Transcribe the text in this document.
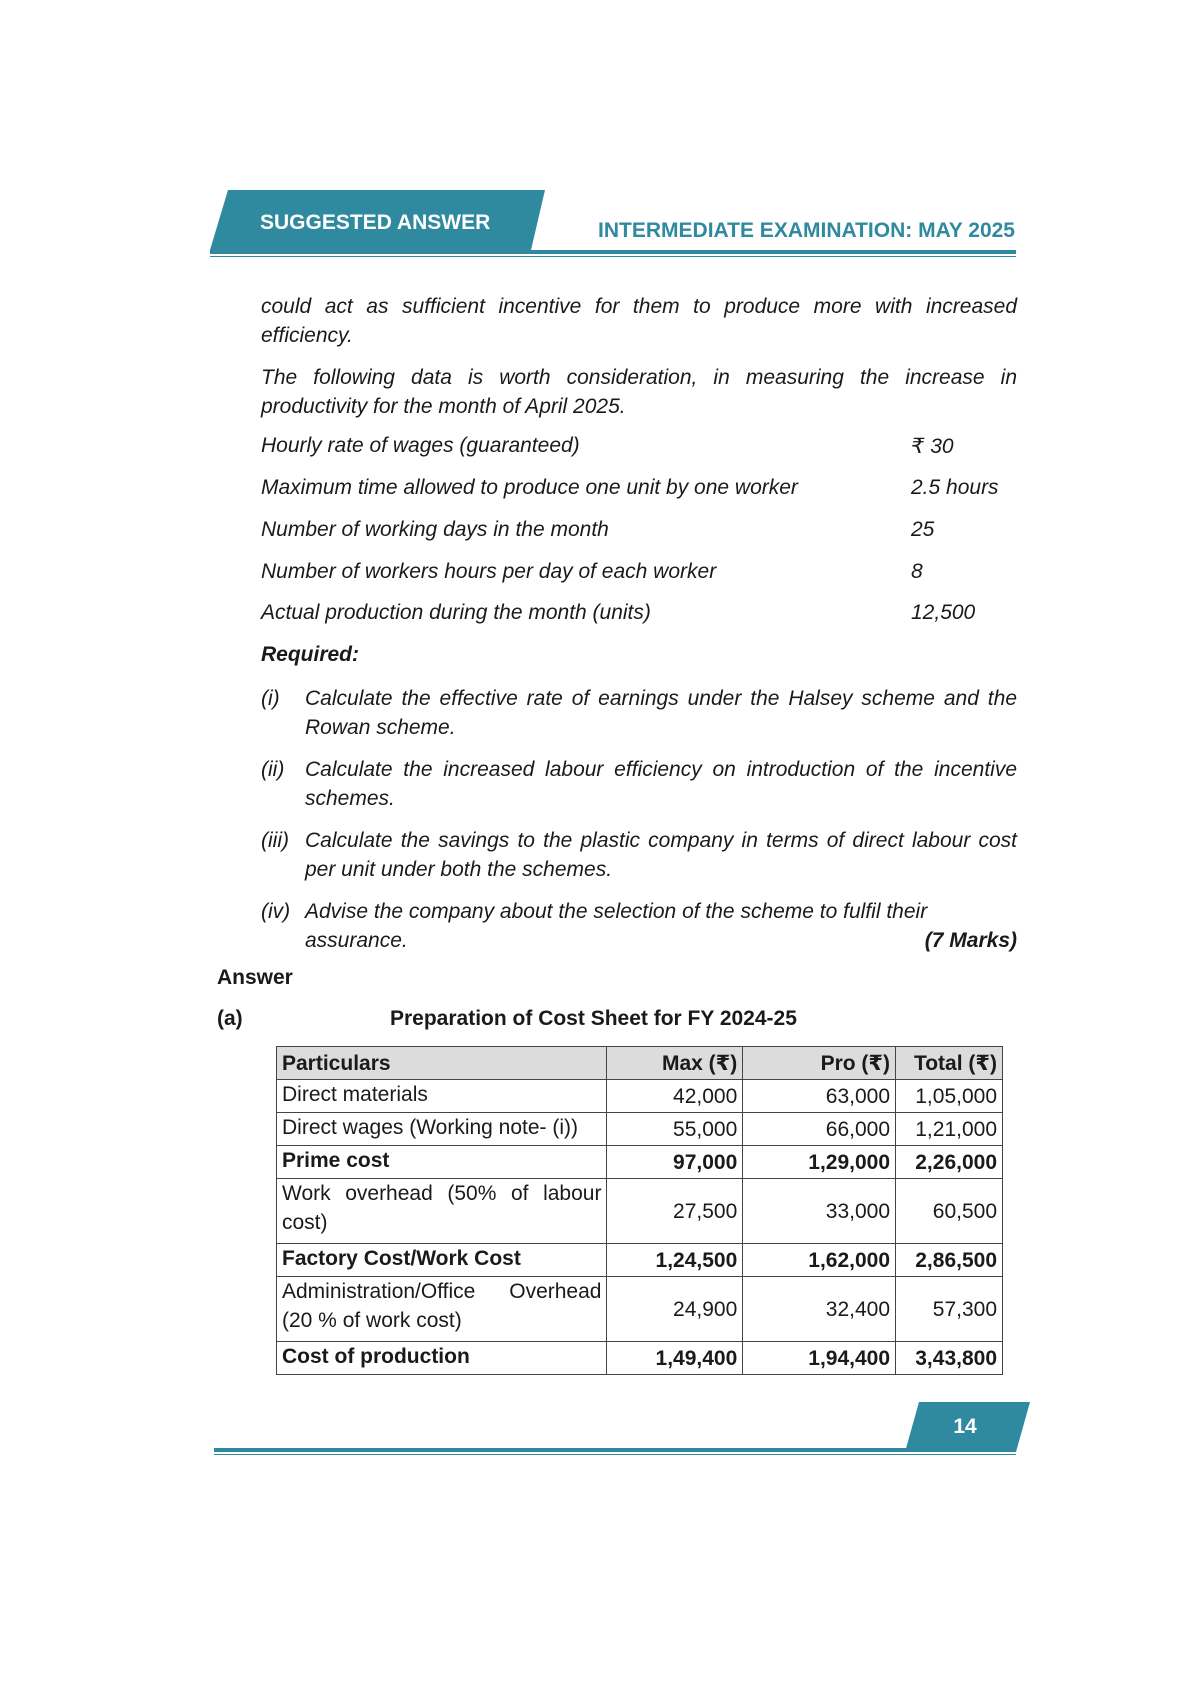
SUGGESTED ANSWER	INTERMEDIATE EXAMINATION: MAY 2025
could act as sufficient incentive for them to produce more with increased efficiency.
The following data is worth consideration, in measuring the increase in productivity for the month of April 2025.
Hourly rate of wages (guaranteed)	₹ 30
Maximum time allowed to produce one unit by one worker	2.5 hours
Number of working days in the month	25
Number of workers hours per day of each worker	8
Actual production during the month (units)	12,500
Required:
(i) Calculate the effective rate of earnings under the Halsey scheme and the Rowan scheme.
(ii) Calculate the increased labour efficiency on introduction of the incentive schemes.
(iii) Calculate the savings to the plastic company in terms of direct labour cost per unit under both the schemes.
(iv) Advise the company about the selection of the scheme to fulfil their assurance.	(7 Marks)
Answer
(a)	Preparation of Cost Sheet for FY 2024-25
Particulars	Max (₹)	Pro (₹)	Total (₹)
Direct materials	42,000	63,000	1,05,000
Direct wages (Working note- (i))	55,000	66,000	1,21,000
Prime cost	97,000	1,29,000	2,26,000
Work overhead (50% of labour cost)	27,500	33,000	60,500
Factory Cost/Work Cost	1,24,500	1,62,000	2,86,500
Administration/Office Overhead (20 % of work cost)	24,900	32,400	57,300
Cost of production	1,49,400	1,94,400	3,43,800
14
